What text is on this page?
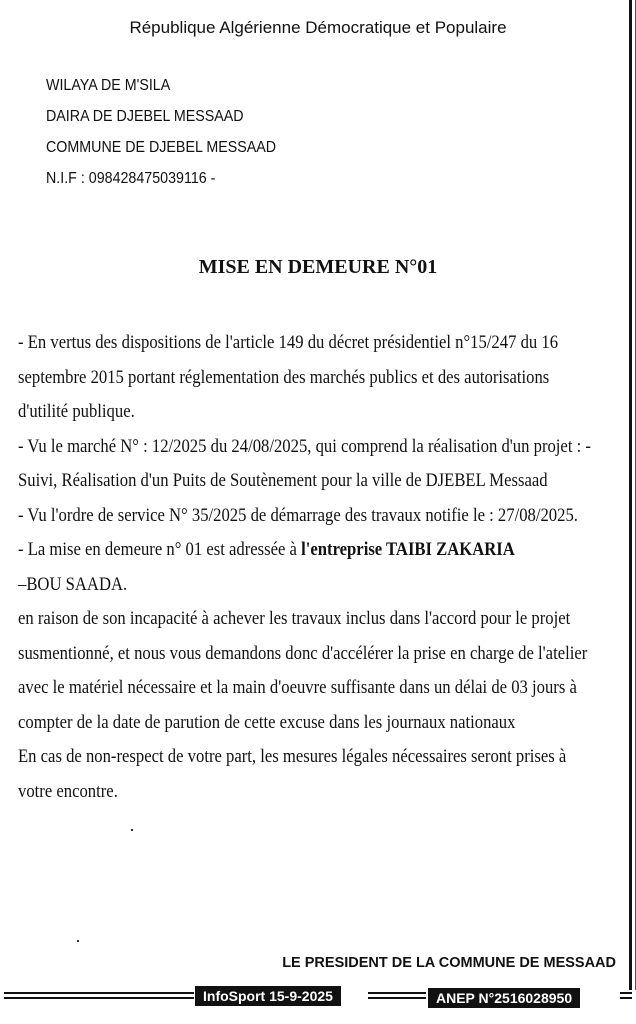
République Algérienne Démocratique et Populaire
WILAYA DE M'SILA
DAIRA DE DJEBEL MESSAAD
COMMUNE DE DJEBEL MESSAAD
N.I.F : 098428475039116 -
MISE EN DEMEURE N°01

- En vertus des dispositions de l'article 149 du décret présidentiel n°15/247 du 16 septembre 2015 portant réglementation des marchés publics et des autorisations d'utilité publique.

- Vu le marché N° : 12/2025 du 24/08/2025, qui comprend la réalisation d'un projet : - Suivi, Réalisation d'un Puits de Soutènement pour la ville de DJEBEL Messaad

- Vu l'ordre de service N° 35/2025 de démarrage des travaux notifie le : 27/08/2025.

- La mise en demeure n° 01 est adressée à l'entreprise TAIBI ZAKARIA
–BOU SAADA.

en raison de son incapacité à achever les travaux inclus dans l'accord pour le projet susmentionné, et nous vous demandons donc d'accélérer la prise en charge de l'atelier avec le matériel nécessaire et la main d'oeuvre suffisante dans un délai de 03 jours à compter de la date de parution de cette excuse dans les journaux nationaux

En cas de non-respect de votre part, les mesures légales nécessaires seront prises à votre encontre.

LE PRESIDENT DE LA COMMUNE DE MESSAAD
InfoSport 15-9-2025	ANEP N°2516028950
